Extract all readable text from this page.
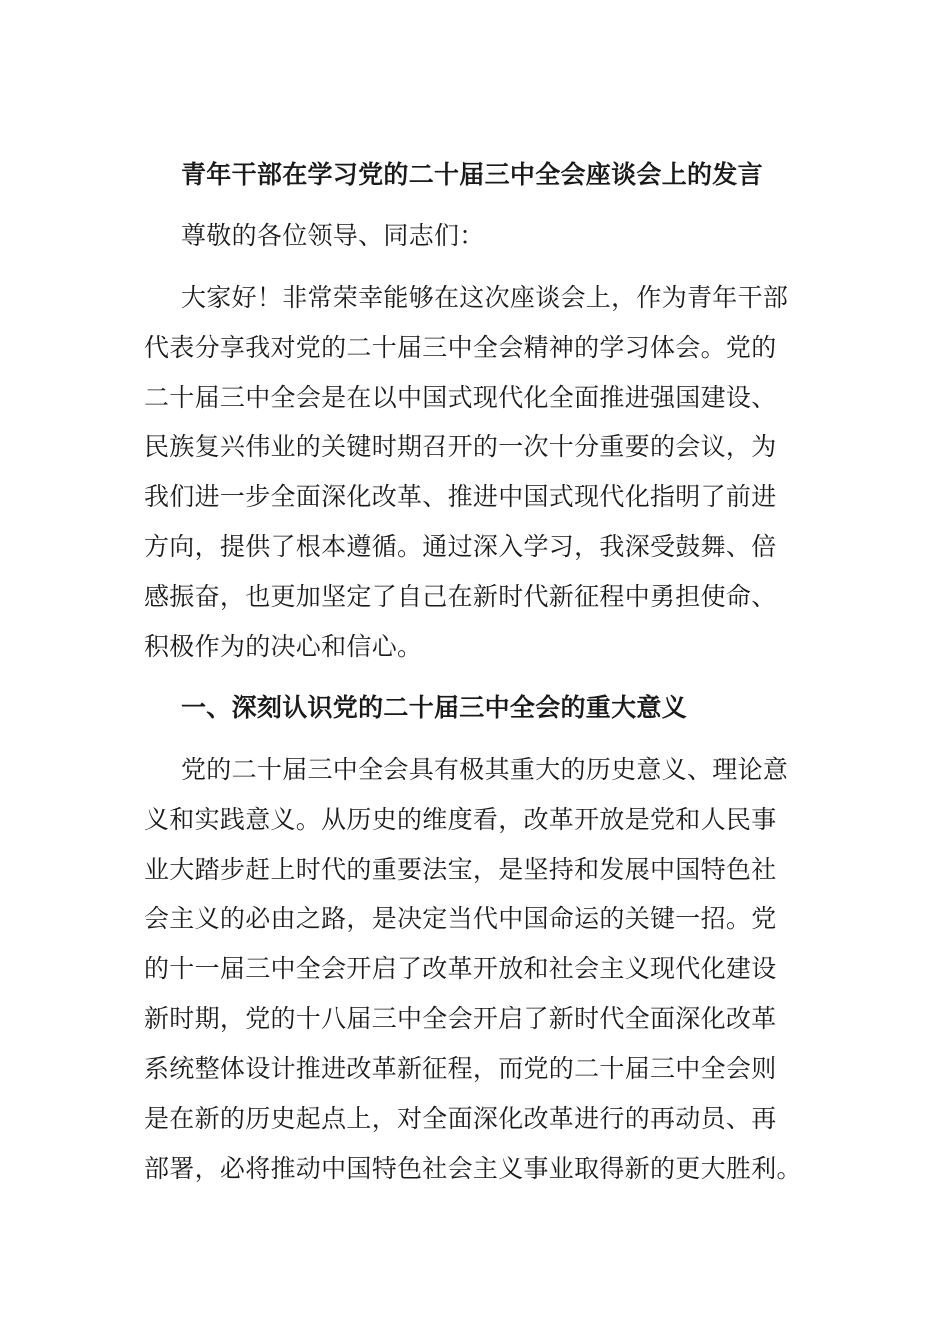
青年干部在学习党的二十届三中全会座谈会上的发言
尊敬的各位领导、同志们：
大家好！非常荣幸能够在这次座谈会上，作为青年干部
代表分享我对党的二十届三中全会精神的学习体会。党的
二十届三中全会是在以中国式现代化全面推进强国建设、
民族复兴伟业的关键时期召开的一次十分重要的会议，为
我们进一步全面深化改革、推进中国式现代化指明了前进
方向，提供了根本遵循。通过深入学习，我深受鼓舞、倍
感振奋，也更加坚定了自己在新时代新征程中勇担使命、
积极作为的决心和信心。
一、深刻认识党的二十届三中全会的重大意义
党的二十届三中全会具有极其重大的历史意义、理论意
义和实践意义。从历史的维度看，改革开放是党和人民事
业大踏步赶上时代的重要法宝，是坚持和发展中国特色社
会主义的必由之路，是决定当代中国命运的关键一招。党
的十一届三中全会开启了改革开放和社会主义现代化建设
新时期，党的十八届三中全会开启了新时代全面深化改革
系统整体设计推进改革新征程，而党的二十届三中全会则
是在新的历史起点上，对全面深化改革进行的再动员、再
部署，必将推动中国特色社会主义事业取得新的更大胜利。
